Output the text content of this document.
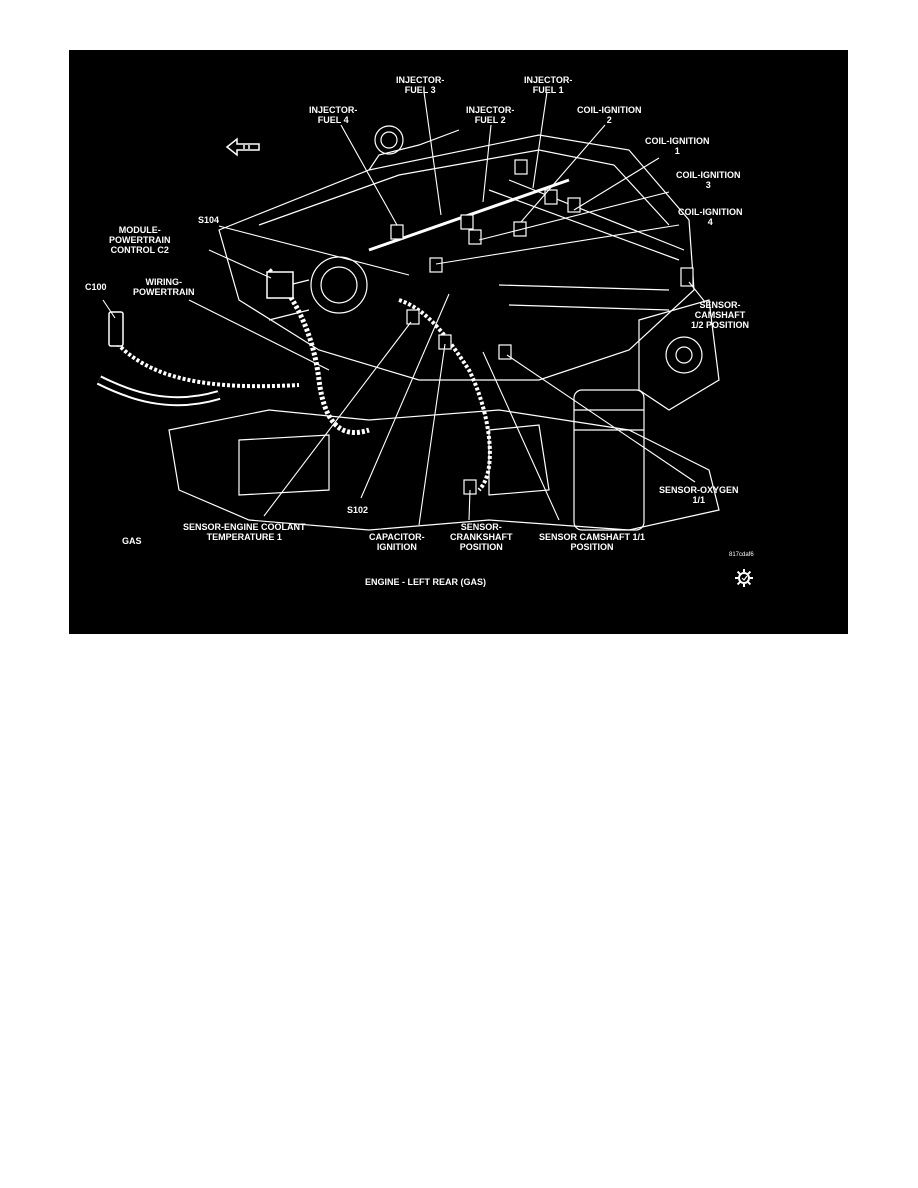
INJECTOR-
FUEL 3
INJECTOR-
FUEL 1
INJECTOR-
FUEL 4
INJECTOR-
FUEL 2
COIL-IGNITION
2
COIL-IGNITION
1
COIL-IGNITION
3
COIL-IGNITION
4
S104
MODULE-
POWERTRAIN
CONTROL C2
WIRING-
POWERTRAIN
C100
SENSOR-
CAMSHAFT
1/2 POSITION
SENSOR-OXYGEN
1/1
S102
SENSOR-ENGINE COOLANT
TEMPERATURE 1	CAPACITOR-
IGNITION
SENSOR-
CRANKSHAFT
POSITION
SENSOR CAMSHAFT 1/1
POSITION
GAS
817cdaf6
ENGINE - LEFT REAR (GAS)
